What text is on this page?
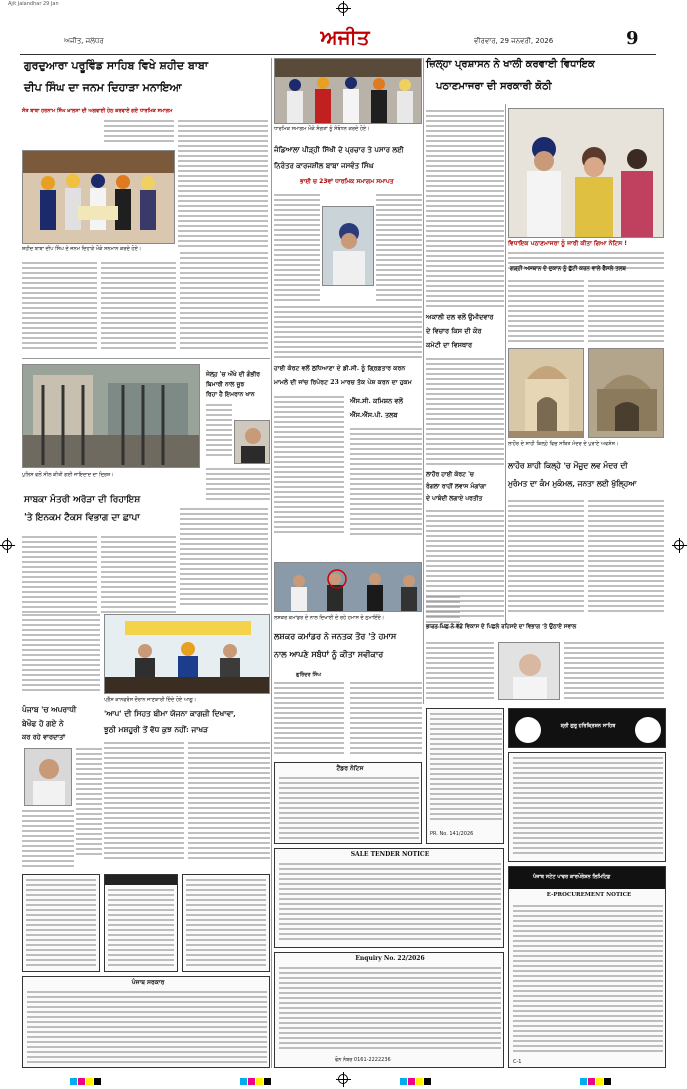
Ajit Jalandhar 29 Jan
ਅਜੀਤ, ਜਲੰਧਰ	ਅਜੀਤ	ਵੀਰਵਾਰ, 29 ਜਨਵਰੀ, 2026	9
ਗੁਰਦੁਆਰਾ ਪਰੂਵਿੰਡ ਸਾਹਿਬ ਵਿਖੇ ਸ਼ਹੀਦ ਬਾਬਾ
ਦੀਪ ਸਿੰਘ ਦਾ ਜਨਮ ਦਿਹਾੜਾ ਮਨਾਇਆ
ਸੰਤ ਬਾਬਾ ਹਰਨਾਮ ਸਿੰਘ ਖ਼ਾਲਸਾ ਦੀ ਅਗਵਾਈ ਹੇਠ ਕਰਵਾਏ ਗਏ ਧਾਰਮਿਕ ਸਮਾਗਮ
ਸ਼ਹੀਦ ਬਾਬਾ ਦੀਪ ਸਿੰਘ ਦੇ ਜਨਮ ਦਿਹਾੜੇ ਮੌਕੇ ਸਨਮਾਨ ਕਰਦੇ ਹੋਏ।
ਜੇਲ੍ਹ 'ਚ ਔਖੇ ਦੀ ਗੰਭੀਰ
ਬਿਮਾਰੀ ਨਾਲ ਜੂਝ
ਰਿਹਾ ਹੈ ਇਮਰਾਨ ਖਾਨ
ਪੁਲਿਸ ਵਲੋਂ ਸੀਲ ਕੀਤੀ ਗਈ ਜਾਇਦਾਦ ਦਾ ਦ੍ਰਿਸ਼।
ਸਾਬਕਾ ਮੰਤਰੀ ਅਰੋੜਾ ਦੀ ਰਿਹਾਇਸ਼
'ਤੇ ਇਨਕਮ ਟੈਕਸ ਵਿਭਾਗ ਦਾ ਛਾਪਾ
ਪ੍ਰੈੱਸ ਕਾਨਫਰੰਸ ਦੌਰਾਨ ਜਾਣਕਾਰੀ ਦਿੰਦੇ ਹੋਏ ਆਗੂ।
'ਆਪ' ਦੀ ਸਿਹਤ ਬੀਮਾ ਯੋਜਨਾ ਕਾਗਜ਼ੀ ਦਿਖਾਵਾ,
ਝੂਠੀ ਮਸ਼ਹੂਰੀ ਤੋਂ ਵੱਧ ਕੁਝ ਨਹੀਂ: ਜਾਖੜ
ਪੰਜਾਬ 'ਚ ਅਪਰਾਧੀ
ਬੇਖੌਫ ਹੋ ਗਏ ਨੇ
ਕਰ ਰਹੇ ਵਾਰਦਾਤਾਂ
ਪੰਜਾਬ ਸਰਕਾਰ
ਧਾਰਮਿਕ ਸਮਾਗਮ ਮੌਕੇ ਸੰਗਤਾਂ ਨੂੰ ਸੰਬੋਧਨ ਕਰਦੇ ਹੋਏ।
ਜੰਡਿਆਲਾ ਪੀੜ੍ਹੀ ਸਿੱਖੀ ਦੇ ਪ੍ਰਚਾਰ ਤੇ ਪਸਾਰ ਲਈ
ਨਿਰੰਤਰ ਕਾਰਜਸ਼ੀਲ ਬਾਬਾ ਜਸਵੰਤ ਸਿੰਘ
ਭਾਈ ਚ 23ਵਾਂ ਧਾਰਮਿਕ ਸਮਾਗਮ ਸਮਾਪਤ
ਹਾਈ ਕੋਰਟ ਵਲੋਂ ਲੁਧਿਆਣਾ ਦੇ ਡੀ.ਸੀ. ਨੂੰ ਗ੍ਰਿਫ਼ਤਾਰ ਕਰਨ
ਮਾਮਲੇ ਦੀ ਜਾਂਚ ਰਿਪੋਰਟ 23 ਮਾਰਚ ਤੱਕ ਪੇਸ਼ ਕਰਨ ਦਾ ਹੁਕਮ
ਐੱਸ.ਸੀ. ਕਮਿਸ਼ਨ ਵਲੋਂ
ਐੱਸ.ਐੱਸ.ਪੀ. ਤਲਬ
ਲਸ਼ਕਰ ਕਮਾਂਡਰ ਦੇ ਨਾਲ ਦਿਖਾਈ ਦੇ ਰਹੇ ਹਮਾਸ ਦੇ ਨੁਮਾਇੰਦੇ।
ਲਸ਼ਕਰ ਕਮਾਂਡਰ ਨੇ ਜਨਤਕ ਤੌਰ 'ਤੇ ਹਮਾਸ
ਨਾਲ ਆਪਣੇ ਸਬੰਧਾਂ ਨੂੰ ਕੀਤਾ ਸਵੀਕਾਰ
ਗੁਰਿੰਦਰ ਸਿੰਘ
ਭਾਰਤ ਪਿਛ ਨੇ ਵੱਡੇ ਵਿਕਾਸ ਦੇ ਪਿਛਲੇ ਰਹਿਸਦੇ ਦਾ ਵਿਭਾਗ 'ਤੇ ਉਠਾਏ ਸਵਾਲ
ਜ਼ਿਲ੍ਹਾ ਪ੍ਰਸ਼ਾਸਨ ਨੇ ਖਾਲੀ ਕਰਵਾਈ ਵਿਧਾਇਕ
ਪਠਾਣਮਾਜਰਾ ਦੀ ਸਰਕਾਰੀ ਕੋਠੀ
ਵਿਧਾਇਕ ਪਠਾਣਮਾਜਰਾ ਨੂੰ ਜਾਰੀ ਕੀਤਾ ਗਿਆ ਨੋਟਿਸ !
ਗੜ੍ਹੀ ਅਸਥਾਨ ਦੇ ਦੁਕਾਨ ਨੂੰ ਛੁੱਟੀ ਕਰਨ ਵਾਲੇ ਫੈਸਲੇ ਤਲਬ
ਅਕਾਲੀ ਦਲ ਵਲੋਂ ਉਮੀਦਵਾਰ
ਦੇ ਵਿਚਾਰ ਕਿਸ ਦੀ ਕੋਰ
ਕਮੇਟੀ ਦਾ ਵਿਸਥਾਰ
ਲਾਹੌਰ ਦੇ ਸ਼ਾਹੀ ਕਿਲ੍ਹੇ ਵਿਚ ਸਥਿਤ ਮੰਦਰ ਦੇ ਪੁਰਾਣੇ ਅਵਸ਼ੇਸ਼।
ਲਾਹੌਰ ਹਾਈ ਕੋਰਟ 'ਚ
ਰੰਗਲਾ ਰਾਹੀਂ ਲਵਾਸ ਮੰਗਾਂਗਾ
ਦੇ ਪਾਬੰਦੀ ਲਗਾਏ ਪਰਤੀਤ
ਲਾਹੌਰ ਸ਼ਾਹੀ ਕਿਲ੍ਹੇ 'ਚ ਮੌਜੂਦ ਲਵ ਮੰਦਰ ਦੀ
ਮੁਰੰਮਤ ਦਾ ਕੰਮ ਮੁਕੰਮਲ, ਜਨਤਾ ਲਈ ਖੁੱਲ੍ਹਿਆ
ਟੈਂਡਰ ਨੋਟਿਸ
PR. No. 141/2026
SALE TENDER NOTICE
Enquiry No. 22/2026
ਫੋਨ ਨੰਬਰ 0161-2222236
ਸ਼੍ਰੀ ਗੁਰੂ ਹਰਿਕ੍ਰਿਸ਼ਨ ਸਾਹਿਬ
ਪੰਜਾਬ ਸਟੇਟ ਪਾਵਰ ਕਾਰਪੋਰੇਸ਼ਨ ਲਿਮਿਟਿਡ
E-PROCUREMENT NOTICE
C-1
